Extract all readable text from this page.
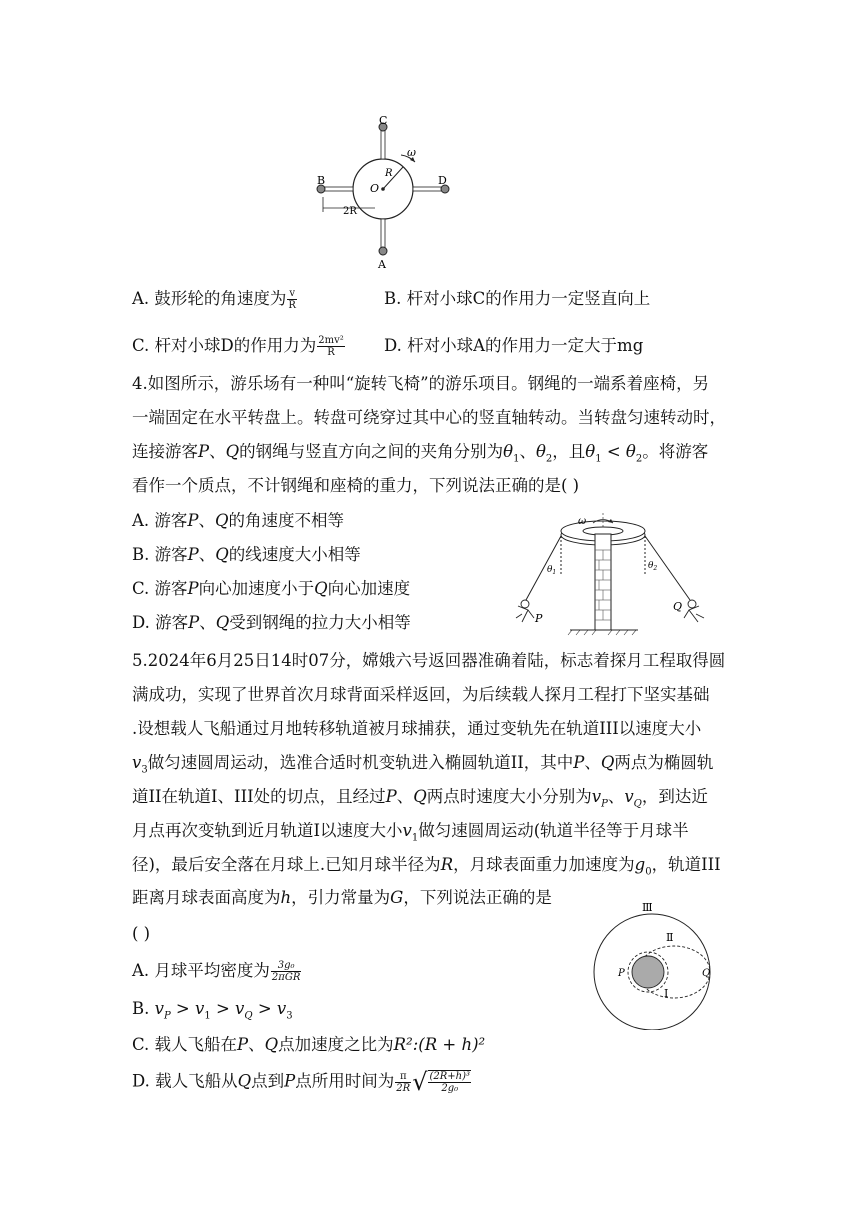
C
B	D
A
O
R
ω
2R
A. 鼓形轮的角速度为 $\frac{v}{R}$	B. 杆对小球C的作用力一定竖直向上
C. 杆对小球D的作用力为 $\frac{\text{2mv²}}{R} D$. 杆对小球A的作用力一定大于mg
4.如图所示，游乐场有一种叫“旋转飞椅”的游乐项目。钢绳的一端系着座椅，另
一端固定在水平转盘上。转盘可绕穿过其中心的竖直轴转动。当转盘匀速转动时，
连接游客P、Q的钢绳与竖直方向之间的夹角分别为$\theta_1$、$\theta_2$，且$\theta_1 < \theta_2$。将游客
看作一个质点，不计钢绳和座椅的重力，下列说法正确的是( )
A. 游客P、Q的角速度不相等
B. 游客P、Q的线速度大小相等
C. 游客P向心加速度小于Q向心加速度
D. 游客P、Q受到钢绳的拉力大小相等
ω
$\theta_1$
$\theta_2$
P
Q
5.2024年6月25日14时07分，嫦娥六号返回器准确着陆，标志着探月工程取得圆
满成功，实现了世界首次月球背面采样返回，为后续载人探月工程打下坚实基础
.设想载人飞船通过月地转移轨道被月球捕获，通过变轨先在轨道III以速度大小
$v_3$做匀速圆周运动，选准合适时机变轨进入椭圆轨道II，其中P、Q两点为椭圆轨
道II在轨道I、III处的切点，且经过P、Q两点时速度大小分别为$v_P$、$v_Q$，到达近
月点再次变轨到近月轨道I以速度大小$v_1$做匀速圆周运动(轨道半径等于月球半
径)，最后安全落在月球上.已知月球半径为R，月球表面重力加速度为$g_0$，轨道III
距离月球表面高度为h，引力常量为G，下列说法正确的是
( )
A. 月球平均密度为 $\frac{\text{3g₀}}{\text{2πGR}}$
B. $v_P > v_1 > v_Q > v_3$
C. 载人飞船在P、Q点加速度之比为R²:(R + h)²
D. 载人飞船从Q点到P点所用时间为 $\frac{\pi}{2R}$ √ $\frac{\text{(2R+h)³}}{\text{2g₀}}$
Ⅲ
Ⅱ
Ⅰ
P	Q
